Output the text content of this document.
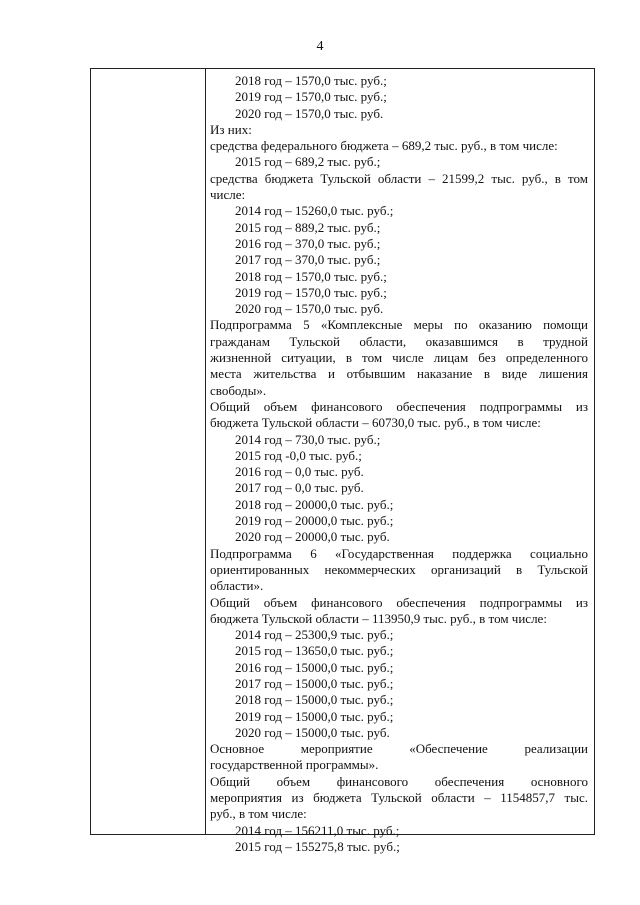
4

2018 год – 1570,0 тыс. руб.;

2019 год – 1570,0 тыс. руб.;

2020 год – 1570,0 тыс. руб.

Из них:

средства федерального бюджета – 689,2 тыс. руб., в том числе:

2015 год – 689,2 тыс. руб.;

средства бюджета Тульской области – 21599,2 тыс. руб., в том

числе:

2014 год – 15260,0 тыс. руб.;

2015 год – 889,2 тыс. руб.;

2016 год – 370,0 тыс. руб.;

2017 год – 370,0 тыс. руб.;

2018 год – 1570,0 тыс. руб.;

2019 год – 1570,0 тыс. руб.;

2020 год – 1570,0 тыс. руб.

Подпрограмма 5 «Комплексные меры по оказанию помощи

гражданам Тульской области, оказавшимся в трудной

жизненной ситуации, в том числе лицам без определенного

места жительства и отбывшим наказание в виде лишения

свободы».

Общий объем финансового обеспечения подпрограммы из

бюджета Тульской области – 60730,0 тыс. руб., в том числе:

2014 год – 730,0 тыс. руб.;

2015 год -0,0 тыс. руб.;

2016 год – 0,0 тыс. руб.

2017 год – 0,0 тыс. руб.

2018 год – 20000,0 тыс. руб.;

2019 год – 20000,0 тыс. руб.;

2020 год – 20000,0 тыс. руб.

Подпрограмма 6 «Государственная поддержка социально

ориентированных некоммерческих организаций в Тульской

области».

Общий объем финансового обеспечения подпрограммы из

бюджета Тульской области – 113950,9 тыс. руб., в том числе:

2014 год – 25300,9 тыс. руб.;

2015 год – 13650,0 тыс. руб.;

2016 год – 15000,0 тыс. руб.;

2017 год – 15000,0 тыс. руб.;

2018 год – 15000,0 тыс. руб.;

2019 год – 15000,0 тыс. руб.;

2020 год – 15000,0 тыс. руб.

Основное мероприятие «Обеспечение реализации

государственной программы».

Общий объем финансового обеспечения основного

мероприятия из бюджета Тульской области – 1154857,7 тыс.

руб., в том числе:

2014 год – 156211,0 тыс. руб.;

2015 год – 155275,8 тыс. руб.;
